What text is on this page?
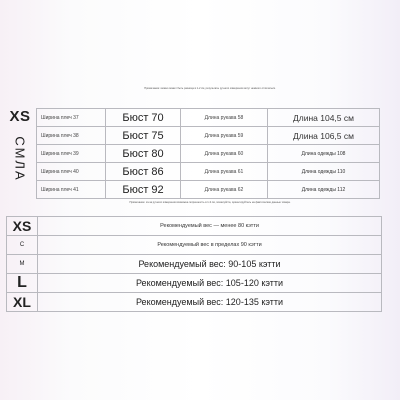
Примечание: можно может быть разница в 1-2 см, результаты ручного измерения могут немного отличаться.
XS
СМЛА
Ширина плеч 37	Бюст 70	Длина рукава 58	Длина 104,5 см
Ширина плеч 38	Бюст 75	Длина рукава 59	Длина 106,5 см
Ширина плеч 39	Бюст 80	Длина рукава 60	Длина одежды 108
Ширина плеч 40	Бюст 86	Длина рукава 61	Длина одежды 110
Ширина плеч 41	Бюст 92	Длина рукава 62	Длина одежды 112
Примечание: из-за ручного измерения возможна погрешность в 1-3 см, пожалуйста, ориентируйтесь на фактические данные товара.
XS	Рекомендуемый вес — менее 80 кэтти

С	Рекомендуемый вес в пределах 90 кэтти

М	Рекомендуемый вес: 90-105 кэтти

L	Рекомендуемый вес: 105-120 кэтти

XL	Рекомендуемый вес: 120-135 кэтти
